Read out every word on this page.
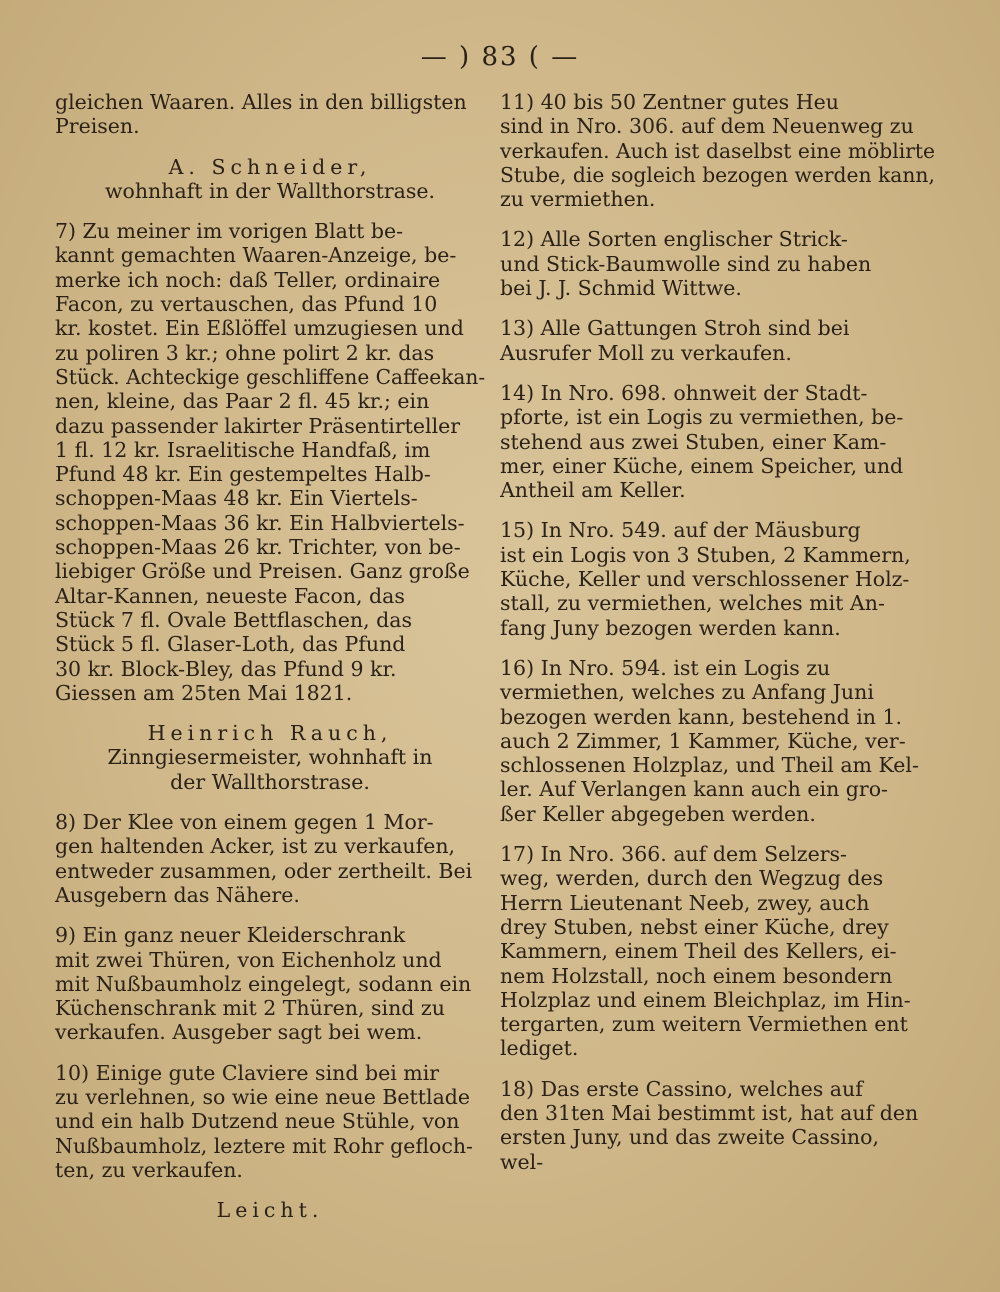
— ) 83 ( —
gleichen Waaren. Alles in den billigsten
Preisen.
A. Schneider,
wohnhaft in der Wallthorstrase.
7) Zu meiner im vorigen Blatt be-
kannt gemachten Waaren-Anzeige, be-
merke ich noch: daß Teller, ordinaire
Facon, zu vertauschen, das Pfund 10
kr. kostet. Ein Eßlöffel umzugiesen und
zu poliren 3 kr.; ohne polirt 2 kr. das
Stück. Achteckige geschliffene Caffeekan-
nen, kleine, das Paar 2 fl. 45 kr.; ein
dazu passender lakirter Präsentirteller
1 fl. 12 kr. Israelitische Handfaß, im
Pfund 48 kr. Ein gestempeltes Halb-
schoppen-Maas 48 kr. Ein Viertels-
schoppen-Maas 36 kr. Ein Halbviertels-
schoppen-Maas 26 kr. Trichter, von be-
liebiger Größe und Preisen. Ganz große
Altar-Kannen, neueste Facon, das
Stück 7 fl. Ovale Bettflaschen, das
Stück 5 fl. Glaser-Loth, das Pfund
30 kr. Block-Bley, das Pfund 9 kr.
Giessen am 25ten Mai 1821.
Heinrich Rauch,
Zinngiesermeister, wohnhaft in
der Wallthorstrase.
8) Der Klee von einem gegen 1 Mor-
gen haltenden Acker, ist zu verkaufen,
entweder zusammen, oder zertheilt. Bei
Ausgebern das Nähere.
9) Ein ganz neuer Kleiderschrank
mit zwei Thüren, von Eichenholz und
mit Nußbaumholz eingelegt, sodann ein
Küchenschrank mit 2 Thüren, sind zu
verkaufen. Ausgeber sagt bei wem.
10) Einige gute Claviere sind bei mir
zu verlehnen, so wie eine neue Bettlade
und ein halb Dutzend neue Stühle, von
Nußbaumholz, leztere mit Rohr gefloch-
ten, zu verkaufen.
Leicht.
11) 40 bis 50 Zentner gutes Heu
sind in Nro. 306. auf dem Neuenweg zu
verkaufen. Auch ist daselbst eine möblirte
Stube, die sogleich bezogen werden kann,
zu vermiethen.
12) Alle Sorten englischer Strick-
und Stick-Baumwolle sind zu haben
bei J. J. Schmid Wittwe.
13) Alle Gattungen Stroh sind bei
Ausrufer Moll zu verkaufen.
14) In Nro. 698. ohnweit der Stadt-
pforte, ist ein Logis zu vermiethen, be-
stehend aus zwei Stuben, einer Kam-
mer, einer Küche, einem Speicher, und
Antheil am Keller.
15) In Nro. 549. auf der Mäusburg
ist ein Logis von 3 Stuben, 2 Kammern,
Küche, Keller und verschlossener Holz-
stall, zu vermiethen, welches mit An-
fang Juny bezogen werden kann.
16) In Nro. 594. ist ein Logis zu
vermiethen, welches zu Anfang Juni
bezogen werden kann, bestehend in 1.
auch 2 Zimmer, 1 Kammer, Küche, ver-
schlossenen Holzplaz, und Theil am Kel-
ler. Auf Verlangen kann auch ein gro-
ßer Keller abgegeben werden.
17) In Nro. 366. auf dem Selzers-
weg, werden, durch den Wegzug des
Herrn Lieutenant Neeb, zwey, auch
drey Stuben, nebst einer Küche, drey
Kammern, einem Theil des Kellers, ei-
nem Holzstall, noch einem besondern
Holzplaz und einem Bleichplaz, im Hin-
tergarten, zum weitern Vermiethen ent
lediget.
18) Das erste Cassino, welches auf
den 31ten Mai bestimmt ist, hat auf den
ersten Juny, und das zweite Cassino,
wel-
